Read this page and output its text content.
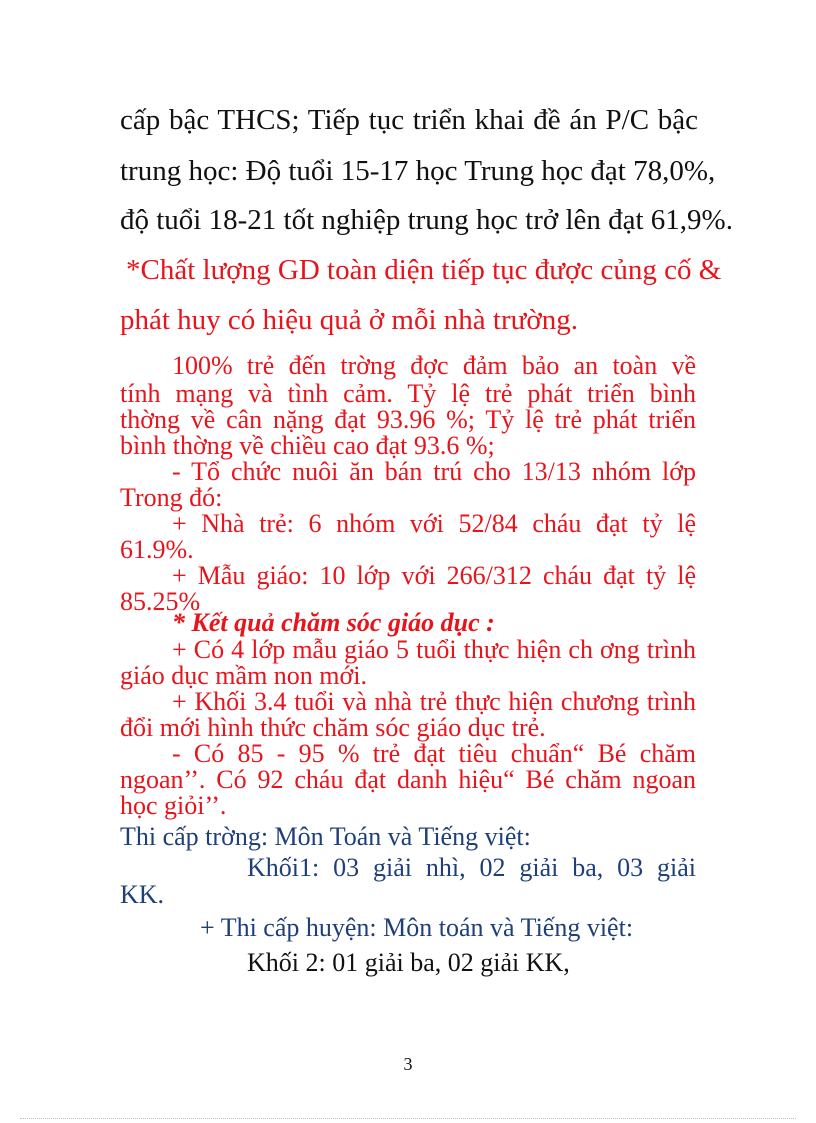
cấp bậc THCS; Tiếp tục triển khai đề án P/C bậc
trung học: Độ tuổi 15-17 học Trung học đạt 78,0%,
độ tuổi 18-21 tốt nghiệp trung học trở lên đạt 61,9%.
*Chất lượng GD toàn diện tiếp tục được củng cố &
phát huy có hiệu quả ở mỗi nhà trường.
100% trẻ đến trờng đợc đảm bảo an toàn về
tính mạng và tình cảm. Tỷ lệ trẻ phát triển bình
thờng về cân nặng đạt 93.96 %; Tỷ lệ trẻ phát triển
bình thờng về chiều cao đạt 93.6 %;
- Tổ chức nuôi ăn bán trú cho 13/13 nhóm lớp
Trong đó:
+ Nhà trẻ: 6 nhóm với 52/84 cháu đạt tỷ lệ
61.9%.
+ Mẫu giáo: 10 lớp với 266/312 cháu đạt tỷ lệ
85.25%
* Kết quả chăm sóc giáo dục :
+ Có 4 lớp mẫu giáo 5 tuổi thực hiện ch ơng trình
giáo dục mầm non mới.
+ Khối 3.4 tuổi và nhà trẻ thực hiện chương trình
đổi mới hình thức chăm sóc giáo dục trẻ.
- Có 85 - 95 % trẻ đạt tiêu chuẩn“ Bé chăm
ngoan’’. Có 92 cháu đạt danh hiệu“ Bé chăm ngoan
học giỏi’’.
Thi cấp trờng: Môn Toán và Tiếng việt:
Khối1: 03 giải nhì, 02 giải ba, 03 giải
KK.
+ Thi cấp huyện: Môn toán và Tiếng việt:
Khối 2: 01 giải ba, 02 giải KK,
3
